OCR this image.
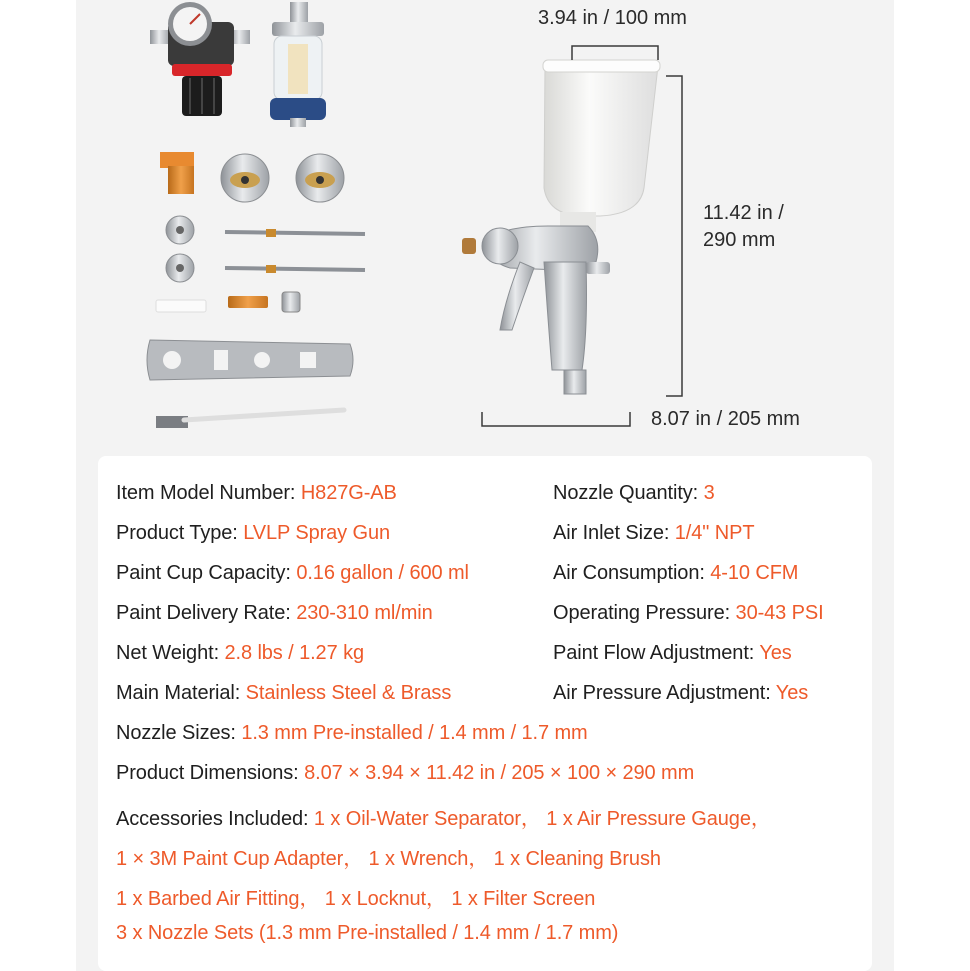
3.94 in / 100 mm
11.42 in /
290 mm
8.07 in / 205 mm
Item Model Number: H827G-AB
Product Type: LVLP Spray Gun
Paint Cup Capacity: 0.16 gallon / 600 ml
Paint Delivery Rate: 230-310 ml/min
Net Weight: 2.8 lbs / 1.27 kg
Main Material: Stainless Steel & Brass
Nozzle Quantity: 3
Air Inlet Size: 1/4" NPT
Air Consumption: 4-10 CFM
Operating Pressure: 30-43 PSI
Paint Flow Adjustment: Yes
Air Pressure Adjustment: Yes
Nozzle Sizes: 1.3 mm Pre-installed / 1.4 mm / 1.7 mm
Product Dimensions: 8.07 × 3.94 × 11.42 in / 205 × 100 × 290 mm
Accessories Included: 1 x Oil-Water Separator， 1 x Air Pressure Gauge，
1 × 3M Paint Cup Adapter， 1 x Wrench， 1 x Cleaning Brush
1 x Barbed Air Fitting， 1 x Locknut， 1 x Filter Screen
3 x Nozzle Sets (1.3 mm Pre-installed / 1.4 mm / 1.7 mm)
